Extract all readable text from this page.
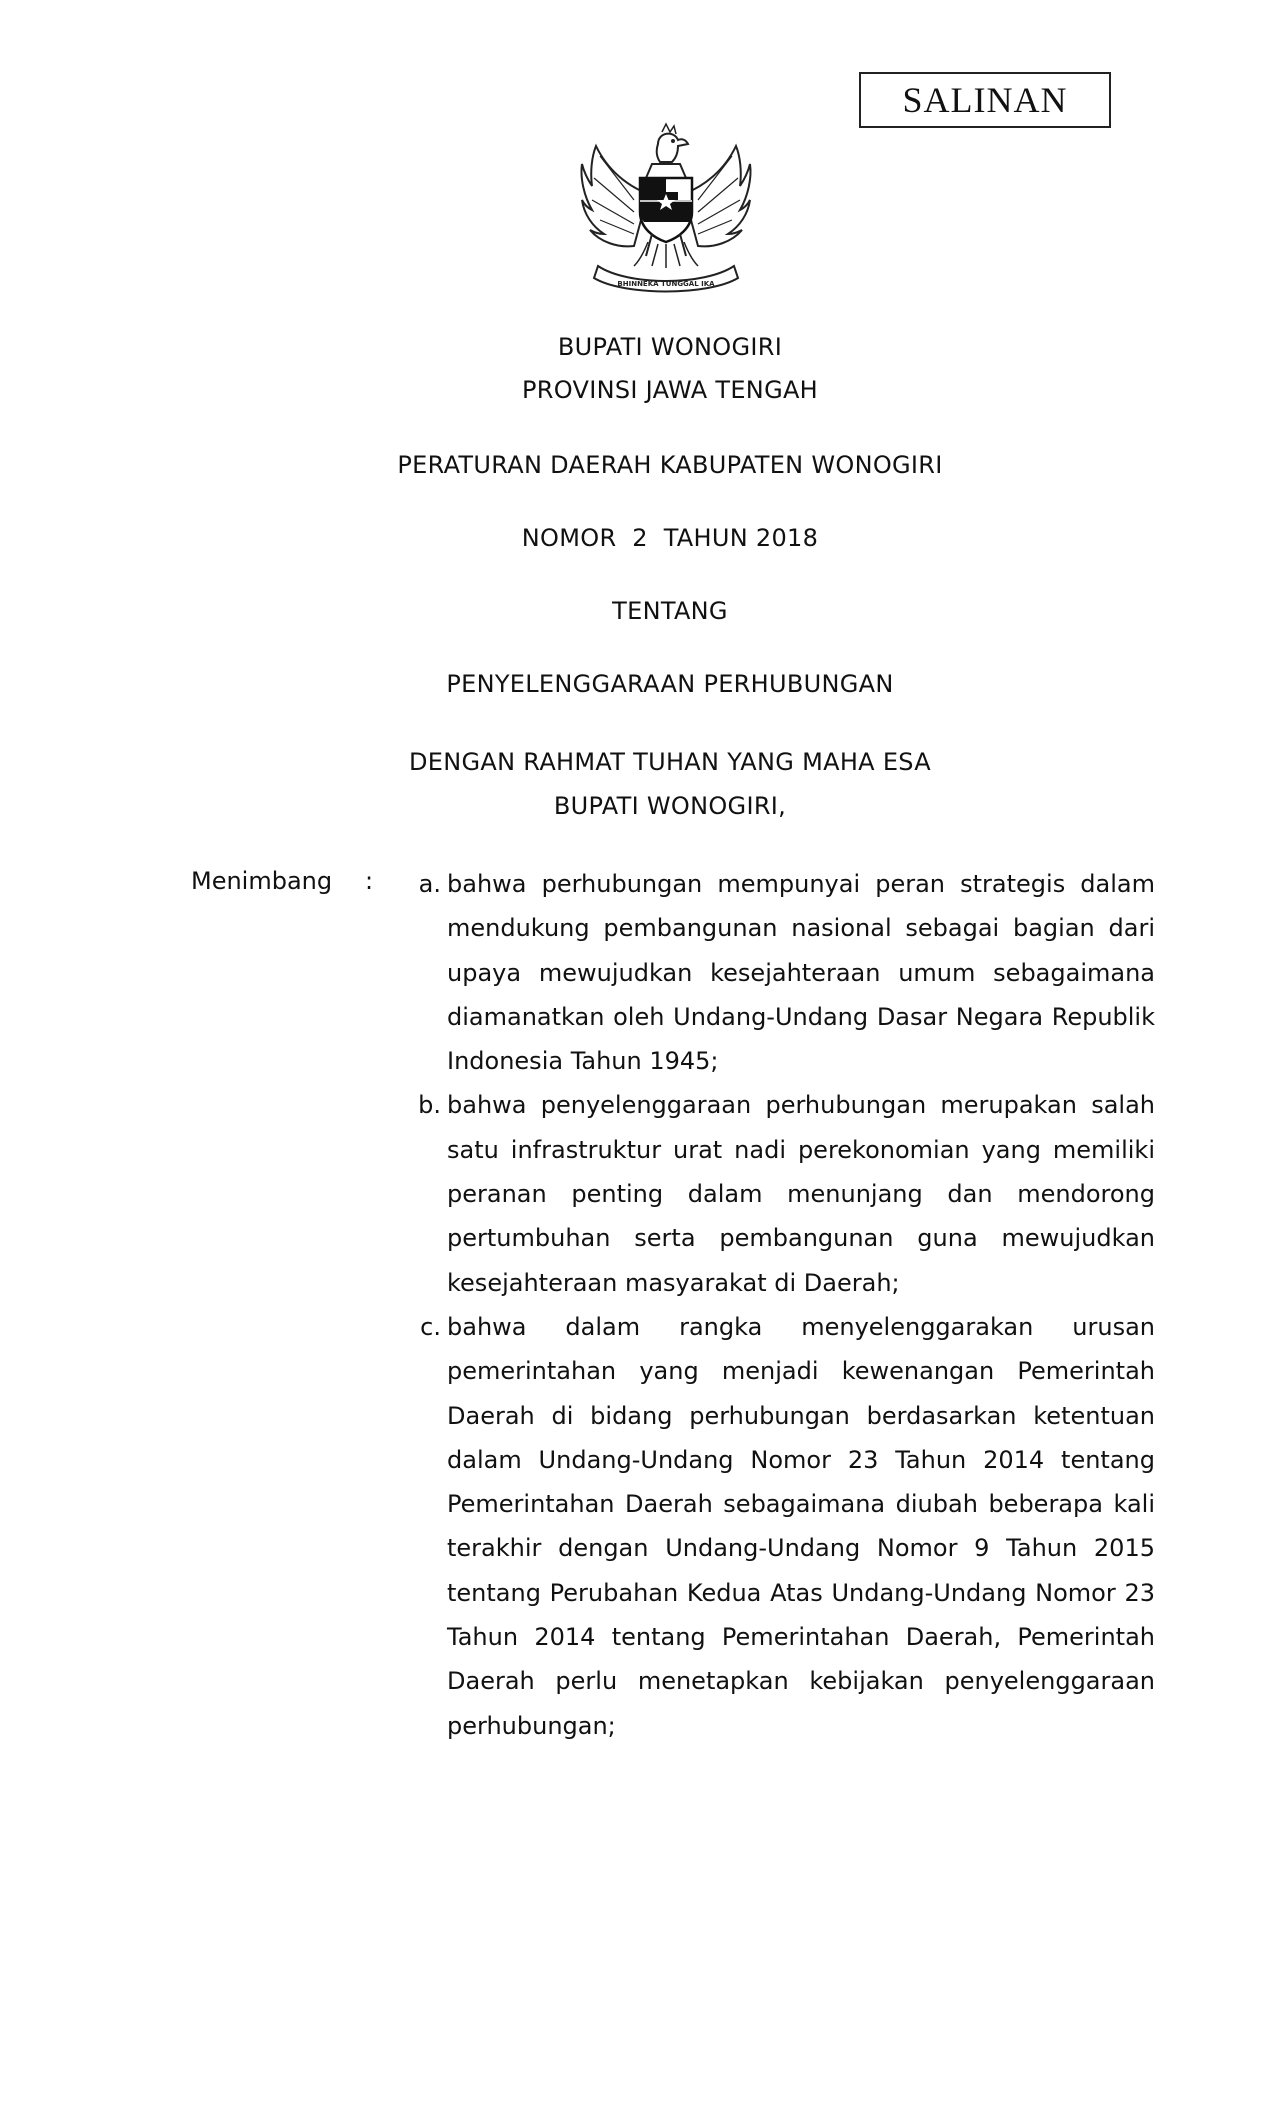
SALINAN
BHINNEKA TUNGGAL IKA
BUPATI WONOGIRI
PROVINSI JAWA TENGAH
PERATURAN DAERAH KABUPATEN WONOGIRI
NOMOR  2  TAHUN 2018
TENTANG
PENYELENGGARAAN PERHUBUNGAN
DENGAN RAHMAT TUHAN YANG MAHA ESA
BUPATI WONOGIRI,
Menimbang :	a. bahwa perhubungan mempunyai peran strategis dalam mendukung pembangunan nasional sebagai bagian dari upaya mewujudkan kesejahteraan umum sebagaimana diamanatkan oleh Undang-Undang Dasar Negara Republik Indonesia Tahun 1945;
b. bahwa penyelenggaraan perhubungan merupakan salah satu infrastruktur urat nadi perekonomian yang memiliki peranan penting dalam menunjang dan mendorong pertumbuhan serta pembangunan guna mewujudkan kesejahteraan masyarakat di Daerah;
c. bahwa dalam rangka menyelenggarakan urusan pemerintahan yang menjadi kewenangan Pemerintah Daerah di bidang perhubungan berdasarkan ketentuan dalam Undang-Undang Nomor 23 Tahun 2014 tentang Pemerintahan Daerah sebagaimana diubah beberapa kali terakhir dengan Undang-Undang Nomor 9 Tahun 2015 tentang Perubahan Kedua Atas Undang-Undang Nomor 23 Tahun 2014 tentang Pemerintahan Daerah, Pemerintah Daerah perlu menetapkan kebijakan penyelenggaraan perhubungan;
